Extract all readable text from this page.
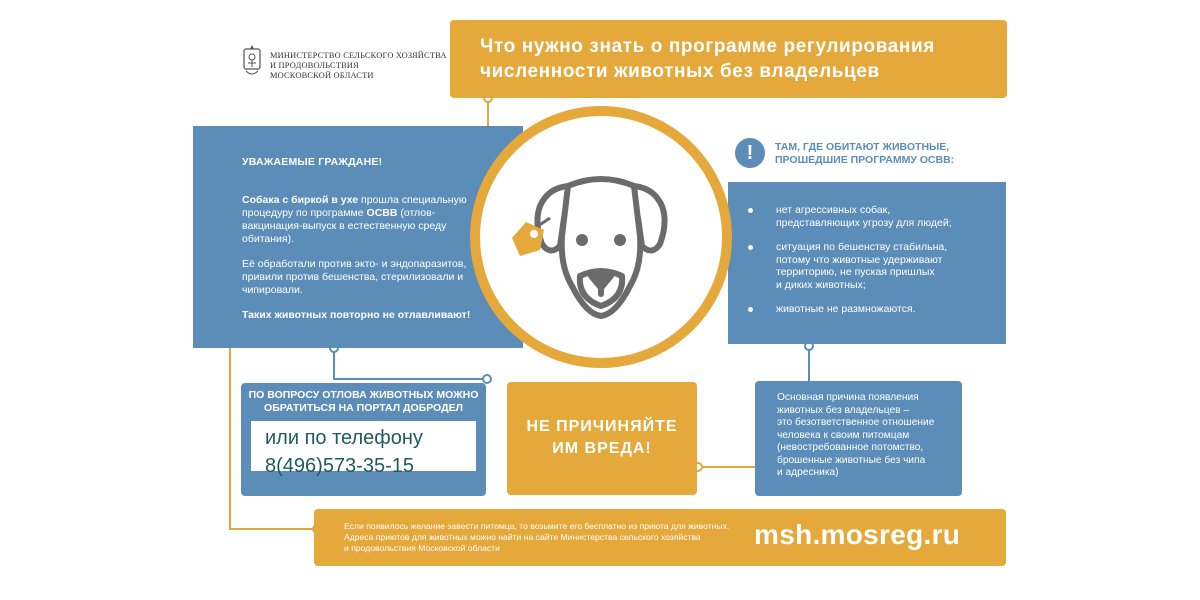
МИНИСТЕРСТВО СЕЛЬСКОГО ХОЗЯЙСТВА
И ПРОДОВОЛЬСТВИЯ
МОСКОВСКОЙ ОБЛАСТИ
Что нужно знать о программе регулирования
численности животных без владельцев
УВАЖАЕМЫЕ ГРАЖДАНЕ!

Собака с биркой в ухе прошла специальную процедуру по программе ОСВВ (отлов-вакцинация-выпуск в естественную среду обитания).

Её обработали против экто- и эндопаразитов, привили против бешенства, стерилизовали и чипировали.

Таких животных повторно не отлавливают!

!	ТАМ, ГДЕ ОБИТАЮТ ЖИВОТНЫЕ,
ПРОШЕДШИЕ ПРОГРАММУ ОСВВ:
нет агрессивных собак,
представляющих угрозу для людей;
ситуация по бешенству стабильна,
потому что животные удерживают
территорию, не пуская пришлых
и диких животных;
животные не размножаются.
ПО ВОПРОСУ ОТЛОВА ЖИВОТНЫХ МОЖНО
ОБРАТИТЬСЯ НА ПОРТАЛ ДОБРОДЕЛ
или по телефону
8(496)573-35-15
НЕ ПРИЧИНЯЙТЕ
ИМ ВРЕДА!
Основная причина появления
животных без владельцев –
это безответственное отношение
человека к своим питомцам
(невостребованное потомство,
брошенные животные без чипа
и адресника)
Если появилось желание завести питомца, то возьмите его бесплатно из приюта для животных.
Адреса приютов для животных можно найти на сайте Министерства сельского хозяйства
и продовольствия Московской области	msh.mosreg.ru
